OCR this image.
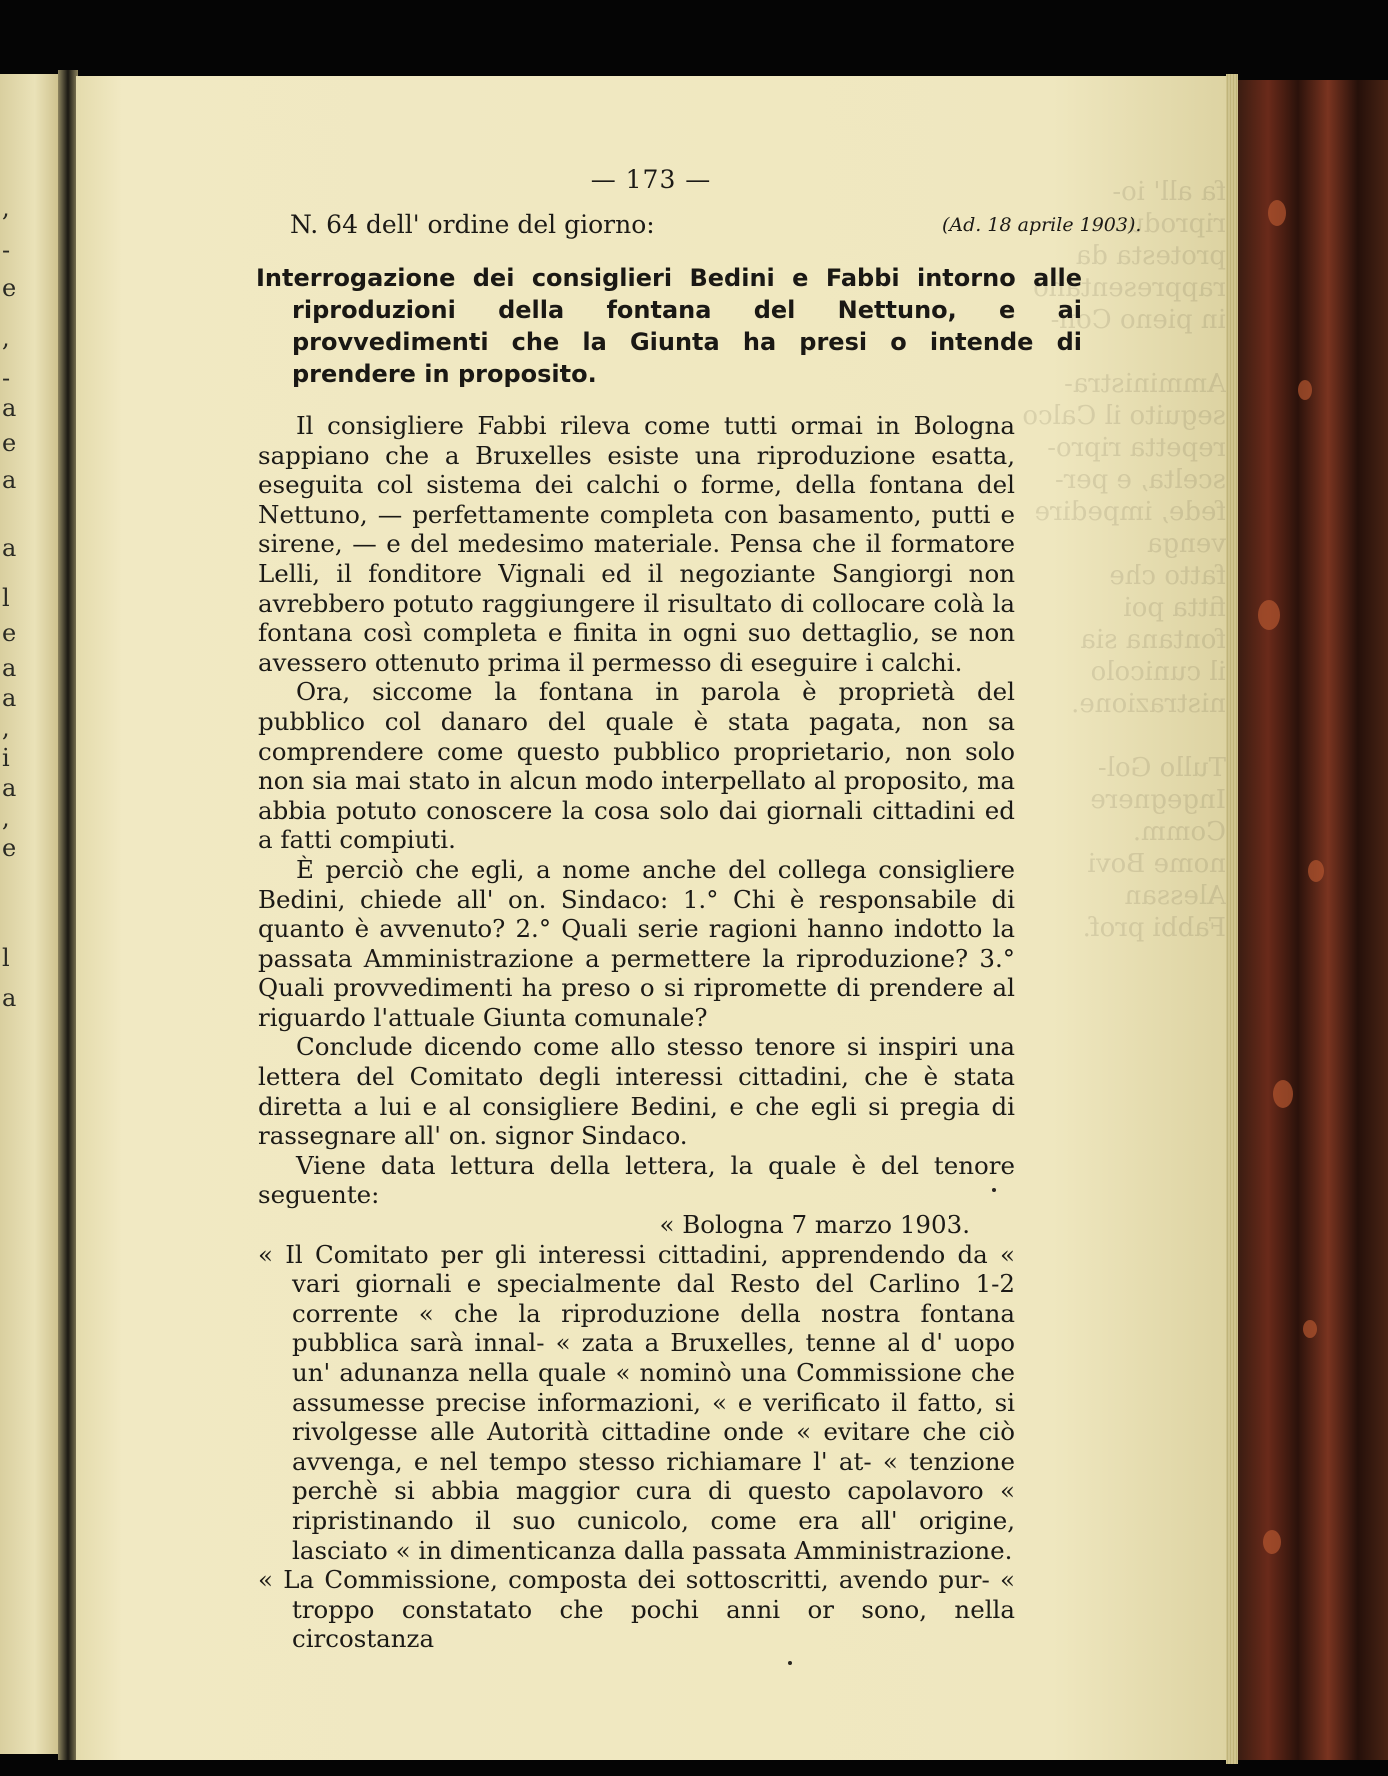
,
-
e
,
-
a
e
a
a
l
e
a
a
,
i
a
,
e
l
a
fa all' io-
riprodu
protesta da
rappresentano
in pieno Con-

Amministra-
seguito il Calco
repetta ripro-
scelta, e per-
fede, impedire
venga
fatto che
fitta poi
fontana sia
il cunicolo
nistrazione.

Tullo Gol-
Ingegnere
Comm.
nome Bovi
Alessan
Fabbi prof.
— 173 —
N. 64 dell' ordine del giorno:	(Ad. 18 aprile 1903).
Interrogazione dei consiglieri Bedini e Fabbi intorno alle riproduzioni della fontana del Nettuno, e ai provvedimenti che la Giunta ha presi o intende di prendere in proposito.

Il consigliere Fabbi rileva come tutti ormai in Bologna sappiano che a Bruxelles esiste una riproduzione esatta, eseguita col sistema dei calchi o forme, della fontana del Nettuno, — perfettamente completa con basamento, putti e sirene, — e del medesimo materiale. Pensa che il formatore Lelli, il fonditore Vignali ed il negoziante Sangiorgi non avrebbero potuto raggiungere il risultato di collocare colà la fontana così completa e finita in ogni suo dettaglio, se non avessero ottenuto prima il permesso di eseguire i calchi.

Ora, siccome la fontana in parola è proprietà del pubblico col danaro del quale è stata pagata, non sa comprendere come questo pubblico proprietario, non solo non sia mai stato in alcun modo interpellato al proposito, ma abbia potuto conoscere la cosa solo dai giornali cittadini ed a fatti compiuti.

È perciò che egli, a nome anche del collega consigliere Bedini, chiede all' on. Sindaco: 1.° Chi è responsabile di quanto è avvenuto? 2.° Quali serie ragioni hanno indotto la passata Amministrazione a permettere la riproduzione? 3.° Quali provvedimenti ha preso o si ripromette di prendere al riguardo l'attuale Giunta comunale?

Conclude dicendo come allo stesso tenore si inspiri una lettera del Comitato degli interessi cittadini, che è stata diretta a lui e al consigliere Bedini, e che egli si pregia di rassegnare all' on. signor Sindaco.

Viene data lettura della lettera, la quale è del tenore seguente:

« Bologna 7 marzo 1903.

« Il Comitato per gli interessi cittadini, apprendendo da « vari giornali e specialmente dal Resto del Carlino 1-2 corrente « che la riproduzione della nostra fontana pubblica sarà innal- « zata a Bruxelles, tenne al d' uopo un' adunanza nella quale « nominò una Commissione che assumesse precise informazioni, « e verificato il fatto, si rivolgesse alle Autorità cittadine onde « evitare che ciò avvenga, e nel tempo stesso richiamare l' at- « tenzione perchè si abbia maggior cura di questo capolavoro « ripristinando il suo cunicolo, come era all' origine, lasciato « in dimenticanza dalla passata Amministrazione.

« La Commissione, composta dei sottoscritti, avendo pur- « troppo constatato che pochi anni or sono, nella circostanza
